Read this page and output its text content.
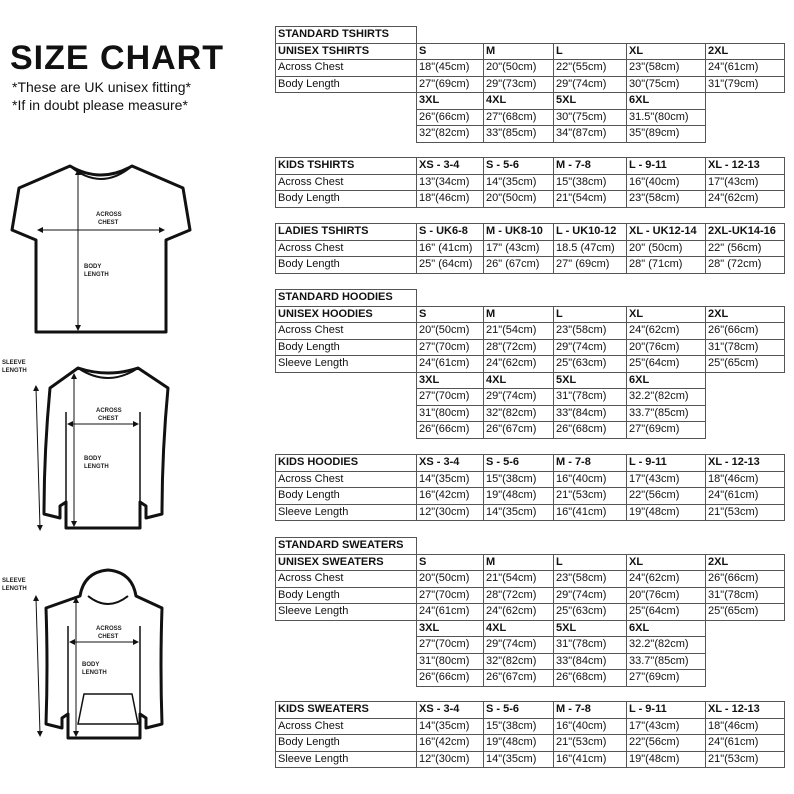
SIZE CHART
*These are UK unisex fitting*
*If in doubt please measure*
ACROSS
CHEST
BODY
LENGTH
SLEEVE
LENGTH
ACROSS
CHEST
BODY
LENGTH
SLEEVE
LENGTH
ACROSS
CHEST
BODY
LENGTH
STANDARD TSHIRTS					
UNISEX TSHIRTS	S	M	L	XL	2XL
Across Chest	18"(45cm)	20"(50cm)	22"(55cm)	23"(58cm)	24"(61cm)
Body Length	27"(69cm)	29"(73cm)	29"(74cm)	30"(75cm)	31"(79cm)
	3XL	4XL	5XL	6XL	
	26"(66cm)	27"(68cm)	30"(75cm)	31.5"(80cm)	
	32"(82cm)	33"(85cm)	34"(87cm)	35"(89cm)	
KIDS TSHIRTS	XS - 3-4	S - 5-6	M - 7-8	L - 9-11	XL - 12-13
Across Chest	13"(34cm)	14"(35cm)	15"(38cm)	16"(40cm)	17"(43cm)
Body Length	18"(46cm)	20"(50cm)	21"(54cm)	23"(58cm)	24"(62cm)
LADIES TSHIRTS	S - UK6-8	M - UK8-10	L - UK10-12	XL - UK12-14	2XL-UK14-16
Across Chest	16" (41cm)	17" (43cm)	18.5 (47cm)	20" (50cm)	22" (56cm)
Body Length	25" (64cm)	26" (67cm)	27" (69cm)	28" (71cm)	28" (72cm)
STANDARD HOODIES					
UNISEX HOODIES	S	M	L	XL	2XL
Across Chest	20"(50cm)	21"(54cm)	23"(58cm)	24"(62cm)	26"(66cm)
Body Length	27"(70cm)	28"(72cm)	29"(74cm)	20"(76cm)	31"(78cm)
Sleeve Length	24"(61cm)	24"(62cm)	25"(63cm)	25"(64cm)	25"(65cm)
	3XL	4XL	5XL	6XL	
	27"(70cm)	29"(74cm)	31"(78cm)	32.2"(82cm)	
	31"(80cm)	32"(82cm)	33"(84cm)	33.7"(85cm)	
	26"(66cm)	26"(67cm)	26"(68cm)	27"(69cm)	
KIDS HOODIES	XS - 3-4	S - 5-6	M - 7-8	L - 9-11	XL - 12-13
Across Chest	14"(35cm)	15"(38cm)	16"(40cm)	17"(43cm)	18"(46cm)
Body Length	16"(42cm)	19"(48cm)	21"(53cm)	22"(56cm)	24"(61cm)
Sleeve Length	12"(30cm)	14"(35cm)	16"(41cm)	19"(48cm)	21"(53cm)
STANDARD SWEATERS					
UNISEX SWEATERS	S	M	L	XL	2XL
Across Chest	20"(50cm)	21"(54cm)	23"(58cm)	24"(62cm)	26"(66cm)
Body Length	27"(70cm)	28"(72cm)	29"(74cm)	20"(76cm)	31"(78cm)
Sleeve Length	24"(61cm)	24"(62cm)	25"(63cm)	25"(64cm)	25"(65cm)
	3XL	4XL	5XL	6XL	
	27"(70cm)	29"(74cm)	31"(78cm)	32.2"(82cm)	
	31"(80cm)	32"(82cm)	33"(84cm)	33.7"(85cm)	
	26"(66cm)	26"(67cm)	26"(68cm)	27"(69cm)	
KIDS SWEATERS	XS - 3-4	S - 5-6	M - 7-8	L - 9-11	XL - 12-13
Across Chest	14"(35cm)	15"(38cm)	16"(40cm)	17"(43cm)	18"(46cm)
Body Length	16"(42cm)	19"(48cm)	21"(53cm)	22"(56cm)	24"(61cm)
Sleeve Length	12"(30cm)	14"(35cm)	16"(41cm)	19"(48cm)	21"(53cm)
